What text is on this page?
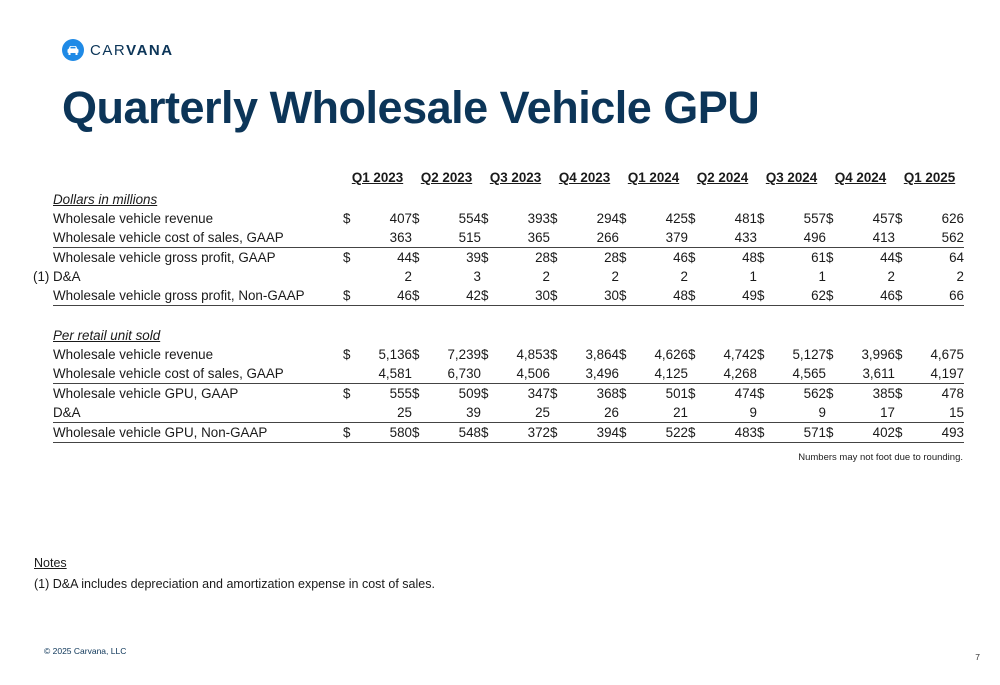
CARVANA
Quarterly Wholesale Vehicle GPU
	Q1 2023		Q2 2023		Q3 2023		Q4 2023		Q1 2024		Q2 2024		Q3 2024		Q4 2024		Q1 2025	
Dollars in millions																		
Wholesale vehicle revenue	$	407	$	554	$	393	$	294	$	425	$	481	$	557	$	457	$	626
Wholesale vehicle cost of sales, GAAP		363		515		365		266		379		433		496		413		562
Wholesale vehicle gross profit, GAAP	$	44	$	39	$	28	$	28	$	46	$	48	$	61	$	44	$	64

(1) D&A		2		3		2		2		2		1		1		2		2
Wholesale vehicle gross profit, Non-GAAP	$	46	$	42	$	30	$	30	$	48	$	49	$	62	$	46	$	66

Per retail unit sold																		
Wholesale vehicle revenue	$	5,136	$	7,239	$	4,853	$	3,864	$	4,626	$	4,742	$	5,127	$	3,996	$	4,675
Wholesale vehicle cost of sales, GAAP		4,581		6,730		4,506		3,496		4,125		4,268		4,565		3,611		4,197
Wholesale vehicle GPU, GAAP	$	555	$	509	$	347	$	368	$	501	$	474	$	562	$	385	$	478
D&A		25		39		25		26		21		9		9		17		15
Wholesale vehicle GPU, Non-GAAP	$	580	$	548	$	372	$	394	$	522	$	483	$	571	$	402	$	493
Numbers may not foot due to rounding.
Notes
(1) D&A includes depreciation and amortization expense in cost of sales.
© 2025 Carvana, LLC
7
